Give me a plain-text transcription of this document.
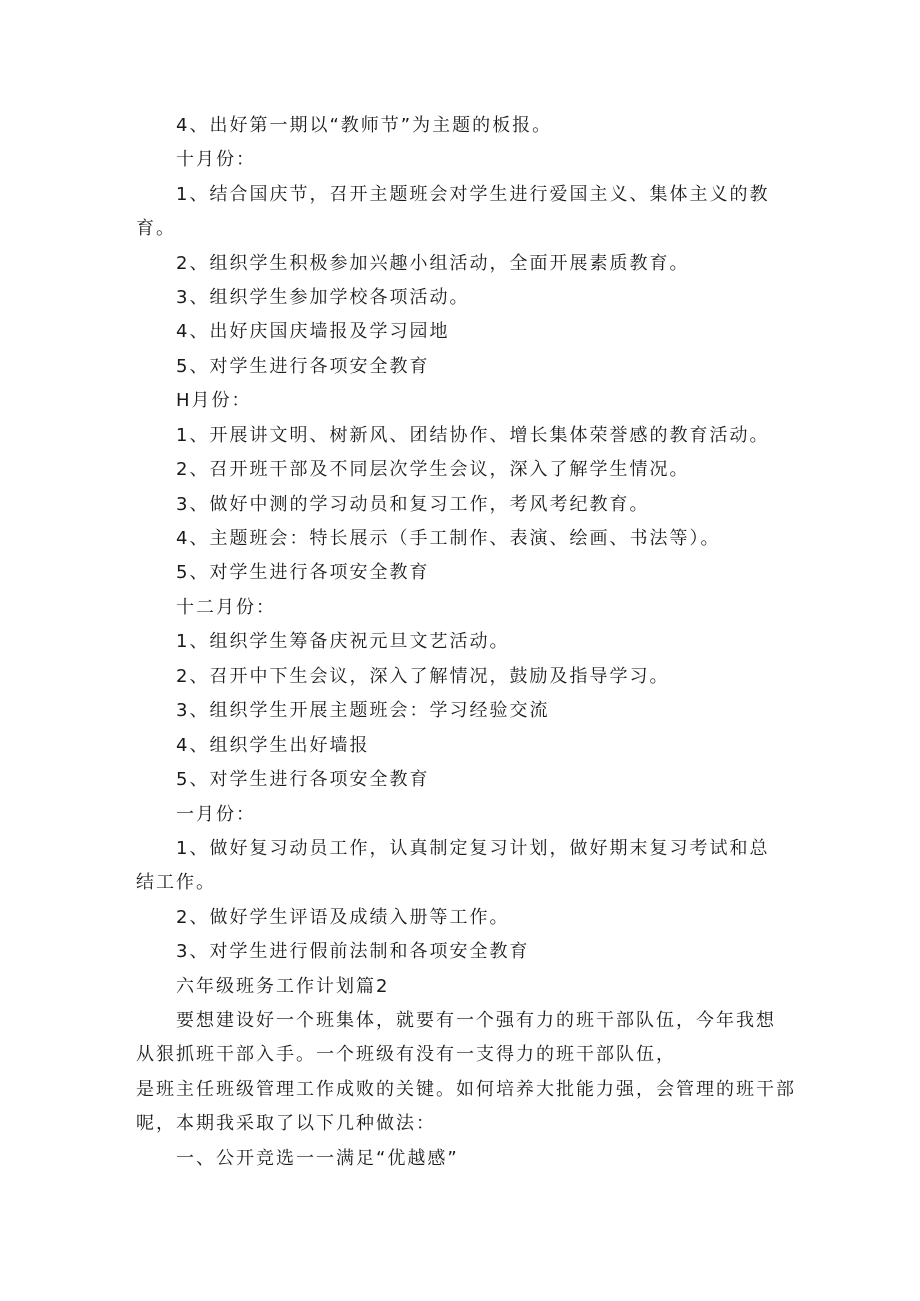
4、出好第一期以“教师节”为主题的板报。
十月份：
1、结合国庆节，召开主题班会对学生进行爱国主义、集体主义的教
育。
2、组织学生积极参加兴趣小组活动，全面开展素质教育。
3、组织学生参加学校各项活动。
4、出好庆国庆墙报及学习园地
5、对学生进行各项安全教育
H月份：
1、开展讲文明、树新风、团结协作、增长集体荣誉感的教育活动。
2、召开班干部及不同层次学生会议，深入了解学生情况。
3、做好中测的学习动员和复习工作，考风考纪教育。
4、主题班会：特长展示（手工制作、表演、绘画、书法等）。
5、对学生进行各项安全教育
十二月份：
1、组织学生筹备庆祝元旦文艺活动。
2、召开中下生会议，深入了解情况，鼓励及指导学习。
3、组织学生开展主题班会：学习经验交流
4、组织学生出好墙报
5、对学生进行各项安全教育
一月份：
1、做好复习动员工作，认真制定复习计划，做好期末复习考试和总
结工作。
2、做好学生评语及成绩入册等工作。
3、对学生进行假前法制和各项安全教育
六年级班务工作计划篇2
要想建设好一个班集体，就要有一个强有力的班干部队伍，今年我想
从狠抓班干部入手。一个班级有没有一支得力的班干部队伍，
是班主任班级管理工作成败的关键。如何培养大批能力强，会管理的班干部
呢，本期我采取了以下几种做法：
一、公开竞选一一满足“优越感”
